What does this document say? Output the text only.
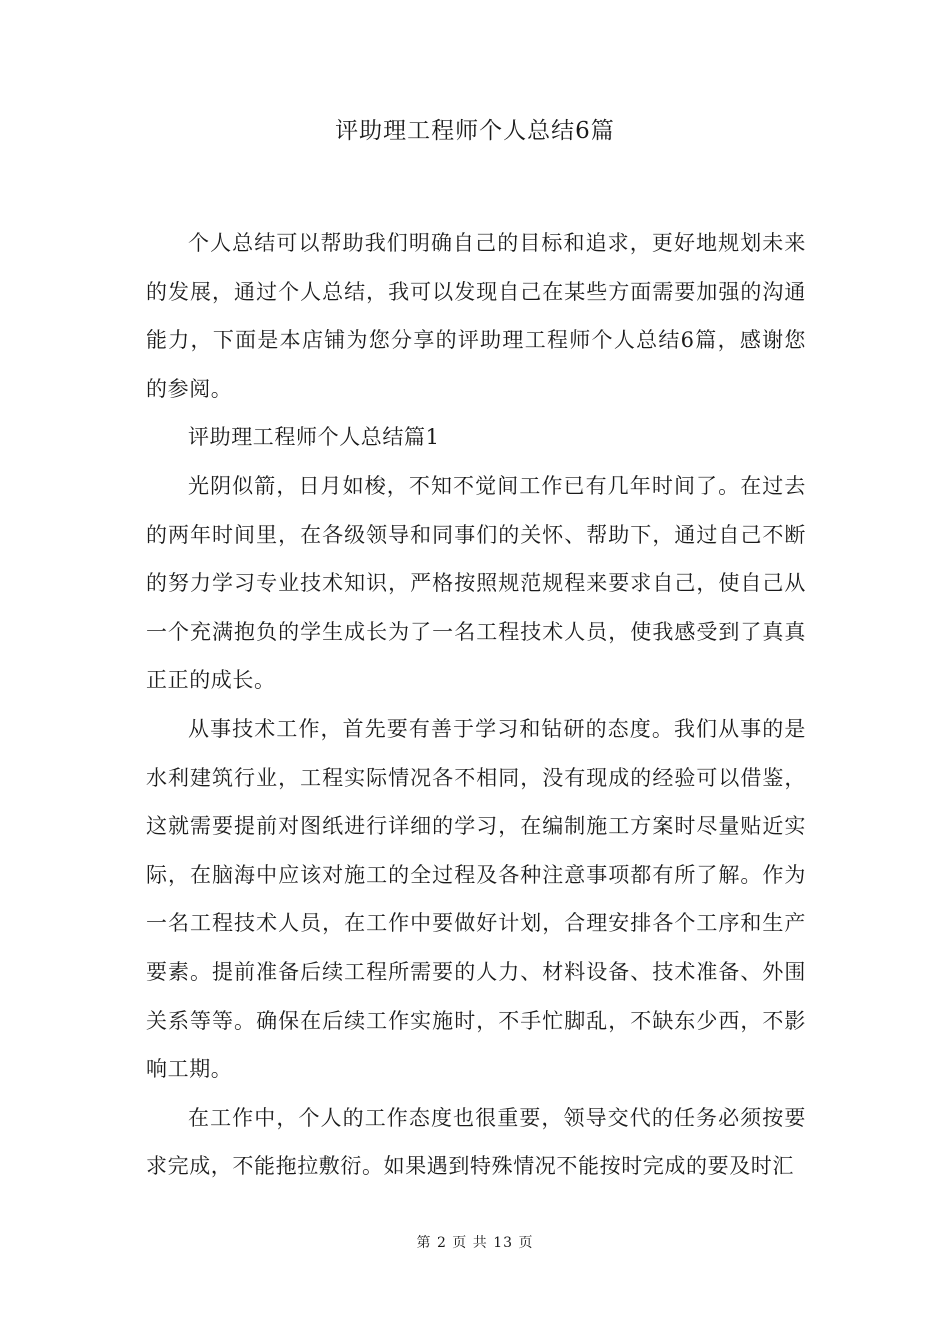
评助理工程师个人总结6篇

个人总结可以帮助我们明确自己的目标和追求，更好地规划未来的发展，通过个人总结，我可以发现自己在某些方面需要加强的沟通能力，下面是本店铺为您分享的评助理工程师个人总结6篇，感谢您的参阅。

评助理工程师个人总结篇1

光阴似箭，日月如梭，不知不觉间工作已有几年时间了。在过去的两年时间里，在各级领导和同事们的关怀、帮助下，通过自己不断的努力学习专业技术知识，严格按照规范规程来要求自己，使自己从一个充满抱负的学生成长为了一名工程技术人员，使我感受到了真真正正的成长。

从事技术工作，首先要有善于学习和钻研的态度。我们从事的是水利建筑行业，工程实际情况各不相同，没有现成的经验可以借鉴，这就需要提前对图纸进行详细的学习，在编制施工方案时尽量贴近实际，在脑海中应该对施工的全过程及各种注意事项都有所了解。作为一名工程技术人员，在工作中要做好计划，合理安排各个工序和生产要素。提前准备后续工程所需要的人力、材料设备、技术准备、外围关系等等。确保在后续工作实施时，不手忙脚乱，不缺东少西，不影响工期。

在工作中，个人的工作态度也很重要，领导交代的任务必须按要求完成，不能拖拉敷衍。如果遇到特殊情况不能按时完成的要及时汇

第 2 页 共 13 页
